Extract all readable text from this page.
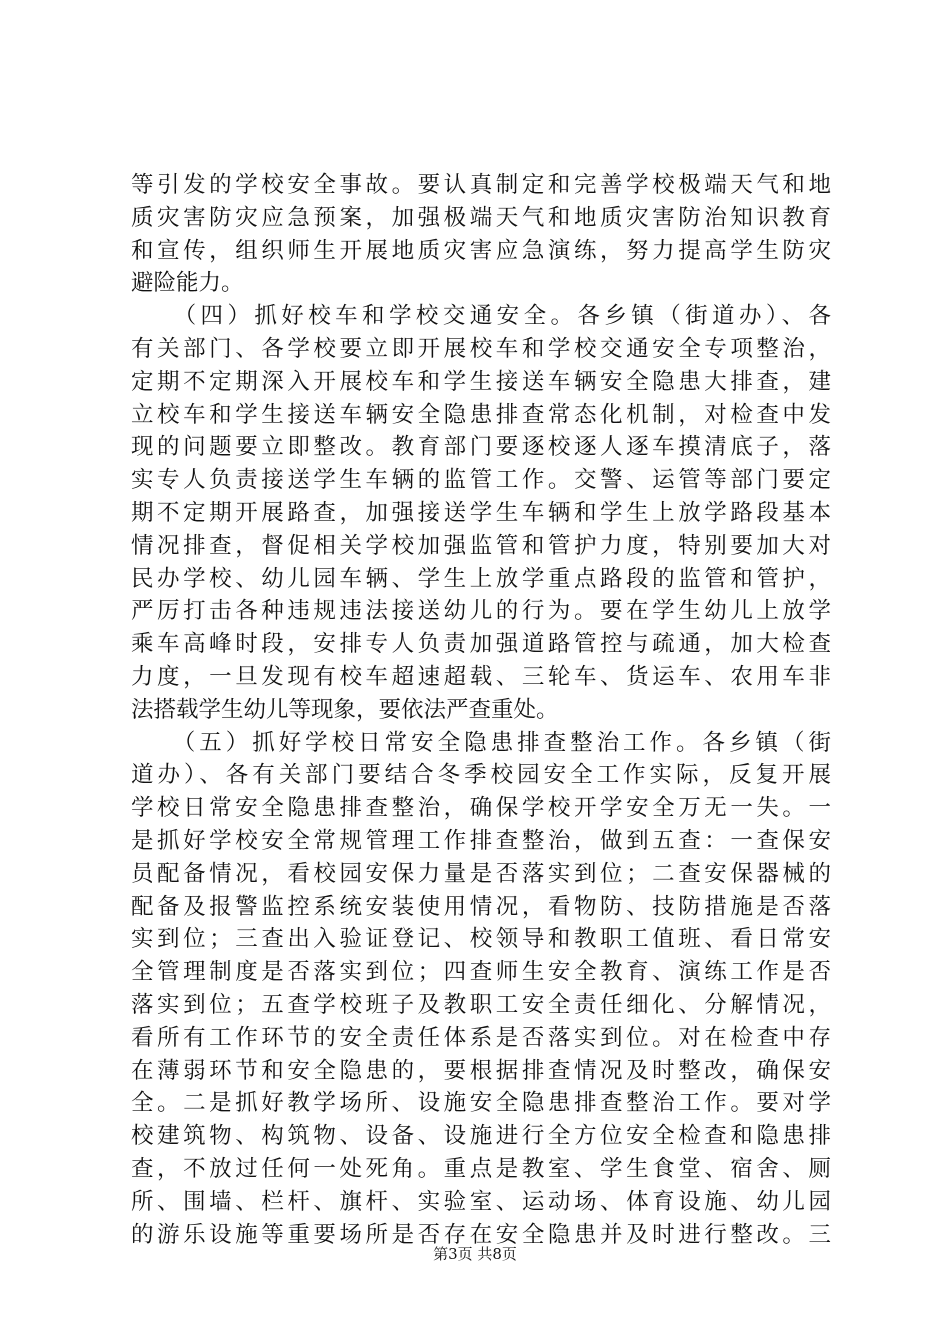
等引发的学校安全事故。要认真制定和完善学校极端天气和地
质灾害防灾应急预案，加强极端天气和地质灾害防治知识教育
和宣传，组织师生开展地质灾害应急演练，努力提高学生防灾
避险能力。
　　（四）抓好校车和学校交通安全。各乡镇（街道办）、各
有关部门、各学校要立即开展校车和学校交通安全专项整治，
定期不定期深入开展校车和学生接送车辆安全隐患大排查，建
立校车和学生接送车辆安全隐患排查常态化机制，对检查中发
现的问题要立即整改。教育部门要逐校逐人逐车摸清底子，落
实专人负责接送学生车辆的监管工作。交警、运管等部门要定
期不定期开展路查，加强接送学生车辆和学生上放学路段基本
情况排查，督促相关学校加强监管和管护力度，特别要加大对
民办学校、幼儿园车辆、学生上放学重点路段的监管和管护，
严厉打击各种违规违法接送幼儿的行为。要在学生幼儿上放学
乘车高峰时段，安排专人负责加强道路管控与疏通，加大检查
力度，一旦发现有校车超速超载、三轮车、货运车、农用车非
法搭载学生幼儿等现象，要依法严查重处。
　　（五）抓好学校日常安全隐患排查整治工作。各乡镇（街
道办）、各有关部门要结合冬季校园安全工作实际，反复开展
学校日常安全隐患排查整治，确保学校开学安全万无一失。一
是抓好学校安全常规管理工作排查整治，做到五查：一查保安
员配备情况，看校园安保力量是否落实到位；二查安保器械的
配备及报警监控系统安装使用情况，看物防、技防措施是否落
实到位；三查出入验证登记、校领导和教职工值班、看日常安
全管理制度是否落实到位；四查师生安全教育、演练工作是否
落实到位；五查学校班子及教职工安全责任细化、分解情况，
看所有工作环节的安全责任体系是否落实到位。对在检查中存
在薄弱环节和安全隐患的，要根据排查情况及时整改，确保安
全。二是抓好教学场所、设施安全隐患排查整治工作。要对学
校建筑物、构筑物、设备、设施进行全方位安全检查和隐患排
查，不放过任何一处死角。重点是教室、学生食堂、宿舍、厕
所、围墙、栏杆、旗杆、实验室、运动场、体育设施、幼儿园
的游乐设施等重要场所是否存在安全隐患并及时进行整改。三
第3页 共8页
